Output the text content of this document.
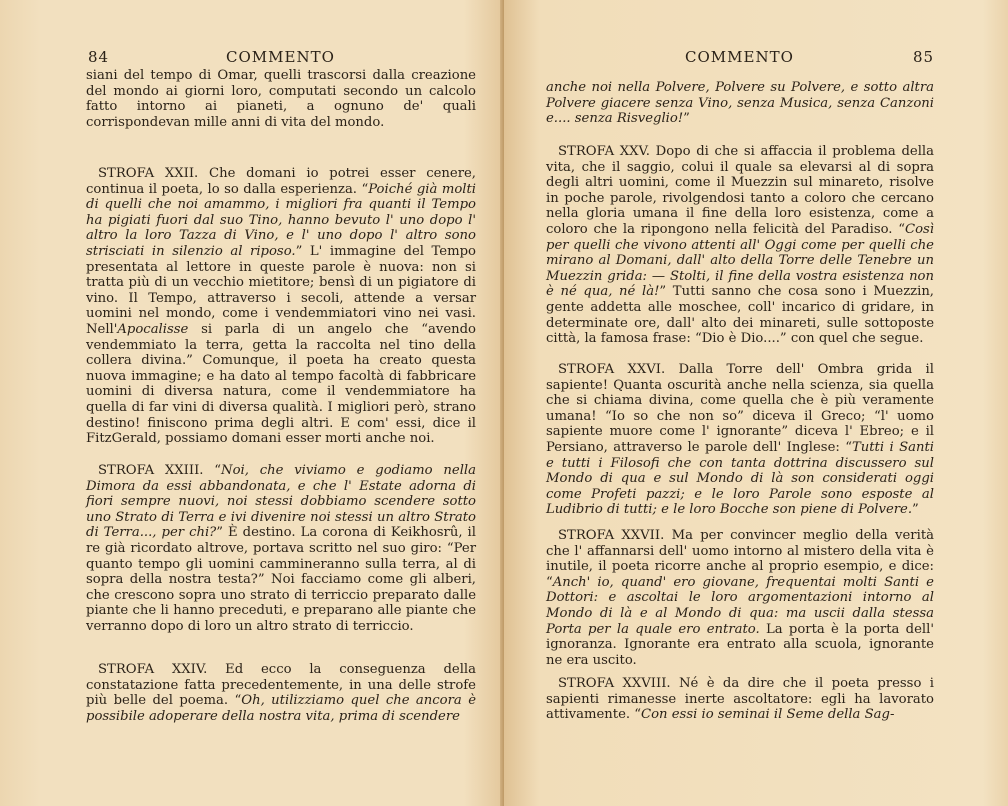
84	COMMENTO

siani del tempo di Omar, quelli trascorsi dalla creazione del mondo ai giorni loro, computati secondo un calcolo fatto intorno ai pianeti, a ognuno de' quali corrispondevan mille anni di vita del mondo.

STROFA XXII. Che domani io potrei esser cenere, continua il poeta, lo so dalla esperienza. “Poiché già molti di quelli che noi amammo, i migliori fra quanti il Tempo ha pigiati fuori dal suo Tino, hanno bevuto l' uno dopo l' altro la loro Tazza di Vino, e l' uno dopo l' altro sono strisciati in silenzio al riposo.” L' immagine del Tempo presentata al lettore in queste parole è nuova: non si tratta più di un vecchio mietitore; bensì di un pigiatore di vino. Il Tempo, attraverso i secoli, attende a versar uomini nel mondo, come i vendemmiatori vino nei vasi. Nell'Apocalisse si parla di un angelo che “avendo vendemmiato la terra, getta la raccolta nel tino della collera divina.” Comunque, il poeta ha creato questa nuova immagine; e ha dato al tempo facoltà di fabbricare uomini di diversa natura, come il vendemmiatore ha quella di far vini di diversa qualità. I migliori però, strano destino! finiscono prima degli altri. E com' essi, dice il FitzGerald, possiamo domani esser morti anche noi.

STROFA XXIII. “Noi, che viviamo e godiamo nella Dimora da essi abbandonata, e che l' Estate adorna di fiori sempre nuovi, noi stessi dobbiamo scendere sotto uno Strato di Terra e ivi divenire noi stessi un altro Strato di Terra..., per chi?” È destino. La corona di Keikhosrû, il re già ricordato altrove, portava scritto nel suo giro: “Per quanto tempo gli uomini cammineranno sulla terra, al di sopra della nostra testa?” Noi facciamo come gli alberi, che crescono sopra uno strato di terriccio preparato dalle piante che li hanno preceduti, e preparano alle piante che verranno dopo di loro un altro strato di terriccio.

STROFA XXIV. Ed ecco la conseguenza della constatazione fatta precedentemente, in una delle strofe più belle del poema. “Oh, utilizziamo quel che ancora è possibile adoperare della nostra vita, prima di scendere

COMMENTO	85

anche noi nella Polvere, Polvere su Polvere, e sotto altra Polvere giacere senza Vino, senza Musica, senza Canzoni e.... senza Risveglio!”

STROFA XXV. Dopo di che si affaccia il problema della vita, che il saggio, colui il quale sa elevarsi al di sopra degli altri uomini, come il Muezzin sul minareto, risolve in poche parole, rivolgendosi tanto a coloro che cercano nella gloria umana il fine della loro esistenza, come a coloro che la ripongono nella felicità del Paradiso. “Così per quelli che vivono attenti all' Oggi come per quelli che mirano al Domani, dall' alto della Torre delle Tenebre un Muezzin grida: — Stolti, il fine della vostra esistenza non è né qua, né là!” Tutti sanno che cosa sono i Muezzin, gente addetta alle moschee, coll' incarico di gridare, in determinate ore, dall' alto dei minareti, sulle sottoposte città, la famosa frase: “Dio è Dio....” con quel che segue.

STROFA XXVI. Dalla Torre dell' Ombra grida il sapiente! Quanta oscurità anche nella scienza, sia quella che si chiama divina, come quella che è più veramente umana! “Io so che non so” diceva il Greco; “l' uomo sapiente muore come l' ignorante” diceva l' Ebreo; e il Persiano, attraverso le parole dell' Inglese: “Tutti i Santi e tutti i Filosofi che con tanta dottrina discussero sul Mondo di qua e sul Mondo di là son considerati oggi come Profeti pazzi; e le loro Parole sono esposte al Ludibrio di tutti; e le loro Bocche son piene di Polvere.”

STROFA XXVII. Ma per convincer meglio della verità che l' affannarsi dell' uomo intorno al mistero della vita è inutile, il poeta ricorre anche al proprio esempio, e dice: “Anch' io, quand' ero giovane, frequentai molti Santi e Dottori: e ascoltai le loro argomentazioni intorno al Mondo di là e al Mondo di qua: ma uscii dalla stessa Porta per la quale ero entrato. La porta è la porta dell' ignoranza. Ignorante era entrato alla scuola, ignorante ne era uscito.

STROFA XXVIII. Né è da dire che il poeta presso i sapienti rimanesse inerte ascoltatore: egli ha lavorato attivamente. “Con essi io seminai il Seme della Sag-
